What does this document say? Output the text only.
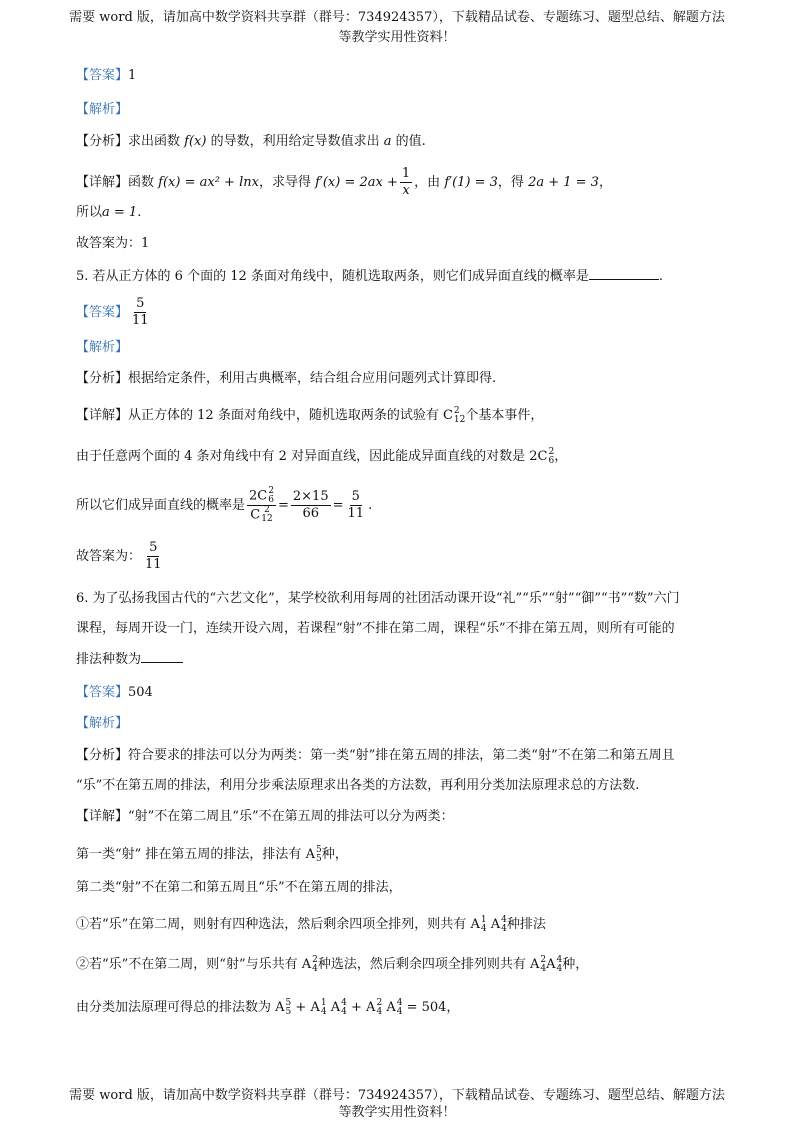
需要 word 版，请加高中数学资料共享群（群号：734924357），下载精品试卷、专题练习、题型总结、解题方法
等教学实用性资料！
【答案】1
【解析】
【分析】求出函数 f(x) 的导数，利用给定导数值求出 a 的值.
【详解】函数 f(x) = ax² + lnx，求导得 $f'(x) = 2ax + \frac{1}{x}$ ，由 f′(1) = 3，得 2a + 1 = 3，
所以a = 1.
故答案为：1
5. 若从正方体的 6 个面的 12 条面对角线中，随机选取两条，则它们成异面直线的概率是	.
【答案】 $\frac{5}{11}$
【解析】
【分析】根据给定条件，利用古典概率，结合组合应用问题列式计算即得.
【详解】从正方体的 12 条面对角线中，随机选取两条的试验有 C 2
12 个基本事件，
由于任意两个面的 4 条对角线中有 2 对异面直线，因此能成异面直线的对数是 2C 2
6 ，
所以它们成异面直线的概率是 2C 2
6
C 2
$12 = \frac{2\times 15}{66} = \frac{5}{11}$ .
故答案为： $\frac{5}{11}$
6. 为了弘扬我国古代的“六艺文化”，某学校欲利用每周的社团活动课开设“礼”“乐”“射”“御”“书”“数”六门
课程，每周开设一门，连续开设六周，若课程“射”不排在第二周，课程“乐”不排在第五周，则所有可能的
排法种数为
【答案】504
【解析】
【分析】符合要求的排法可以分为两类：第一类“射”排在第五周的排法，第二类“射”不在第二和第五周且
“乐”不在第五周的排法，利用分步乘法原理求出各类的方法数，再利用分类加法原理求总的方法数.
【详解】“射”不在第二周且“乐”不在第五周的排法可以分为两类：
第一类“射” 排在第五周的排法，排法有 A 5
5 种，
第二类“射”不在第二和第五周且“乐”不在第五周的排法，
①若“乐”在第二周，则射有四种选法，然后剩余四项全排列，则共有 A 1
4 A 4
4 种排法
②若“乐”不在第二周，则“射”与乐共有 A 2
4 种选法，然后剩余四项全排列则共有 A 2
4 A 4
4 种，
由分类加法原理可得总的排法数为 A 5
5 + A 1
4 A 4
4 + A 2
4 A 4
4 = 504，
需要 word 版，请加高中数学资料共享群（群号：734924357），下载精品试卷、专题练习、题型总结、解题方法
等教学实用性资料！
